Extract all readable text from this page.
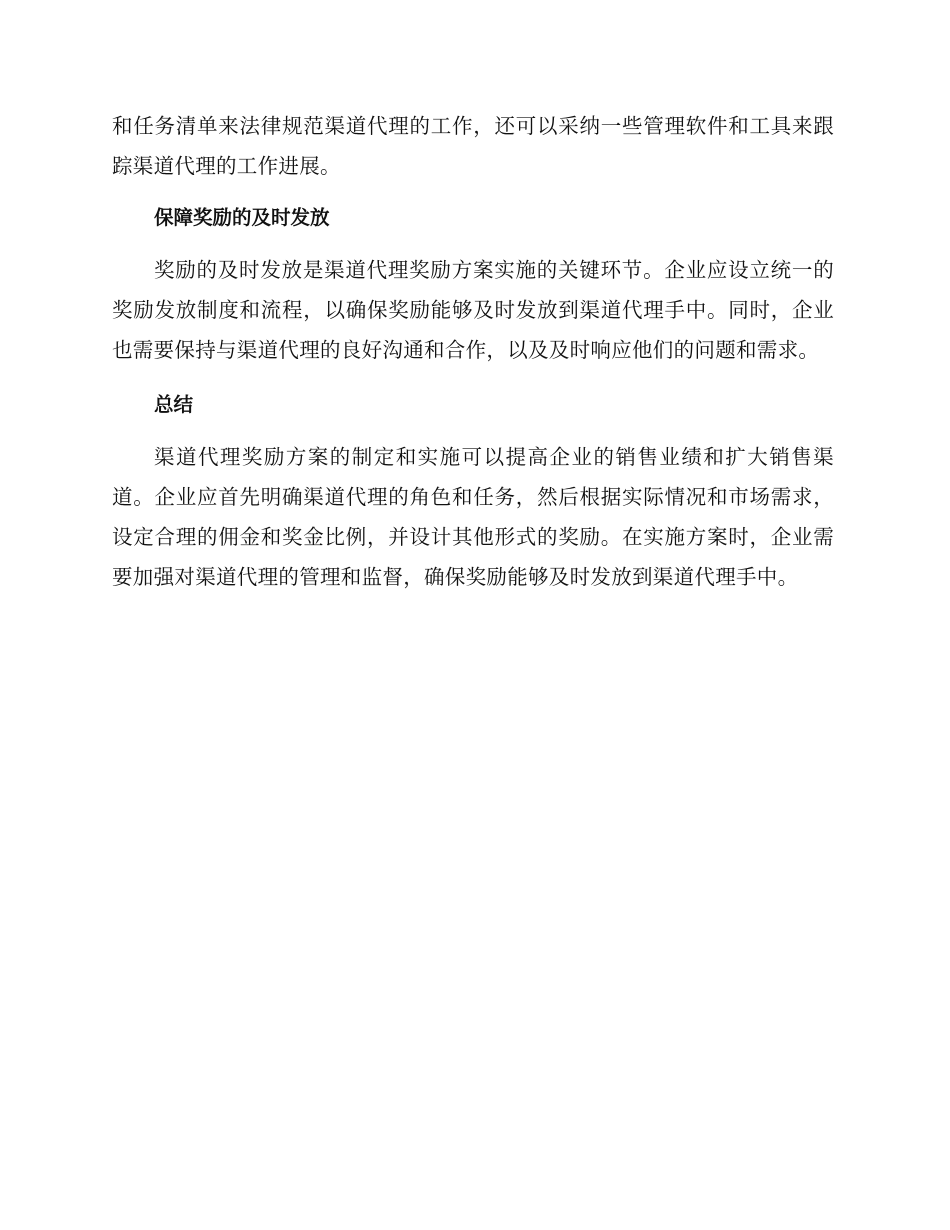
和任务清单来法律规范渠道代理的工作，还可以采纳一些管理软件和工具来跟踪渠道代理的工作进展。

保障奖励的及时发放

奖励的及时发放是渠道代理奖励方案实施的关键环节。企业应设立统一的奖励发放制度和流程，以确保奖励能够及时发放到渠道代理手中。同时，企业也需要保持与渠道代理的良好沟通和合作，以及及时响应他们的问题和需求。

总结

渠道代理奖励方案的制定和实施可以提高企业的销售业绩和扩大销售渠道。企业应首先明确渠道代理的角色和任务，然后根据实际情况和市场需求，设定合理的佣金和奖金比例，并设计其他形式的奖励。在实施方案时，企业需要加强对渠道代理的管理和监督，确保奖励能够及时发放到渠道代理手中。
